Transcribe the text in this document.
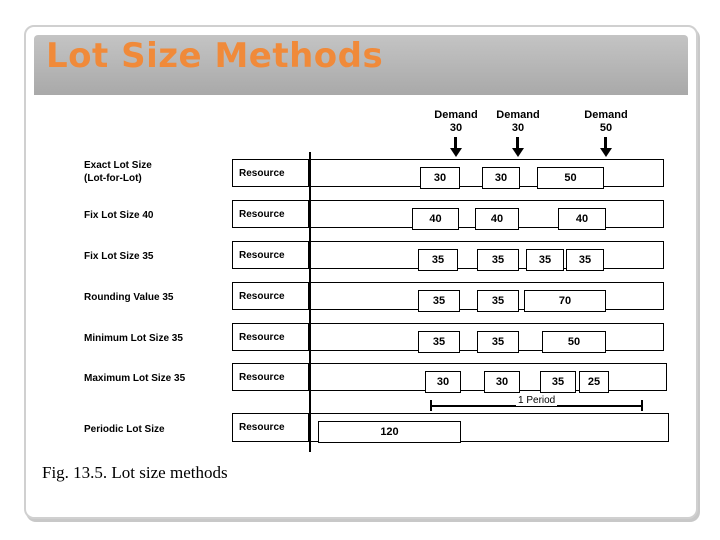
Lot Size Methods
Demand
30
Demand
30
Demand
50
Exact Lot Size (Lot-for-Lot)	Resource	30	30	50
Fix Lot Size 40	Resource	40	40	40
Fix Lot Size 35	Resource	35	35	35	35
Rounding Value 35	Resource	35	35	70
Minimum Lot Size 35	Resource	35	35	50
Maximum Lot Size 35	Resource	30	30	35	25
1 Period
Periodic Lot Size	Resource	120
Fig. 13.5. Lot size methods
